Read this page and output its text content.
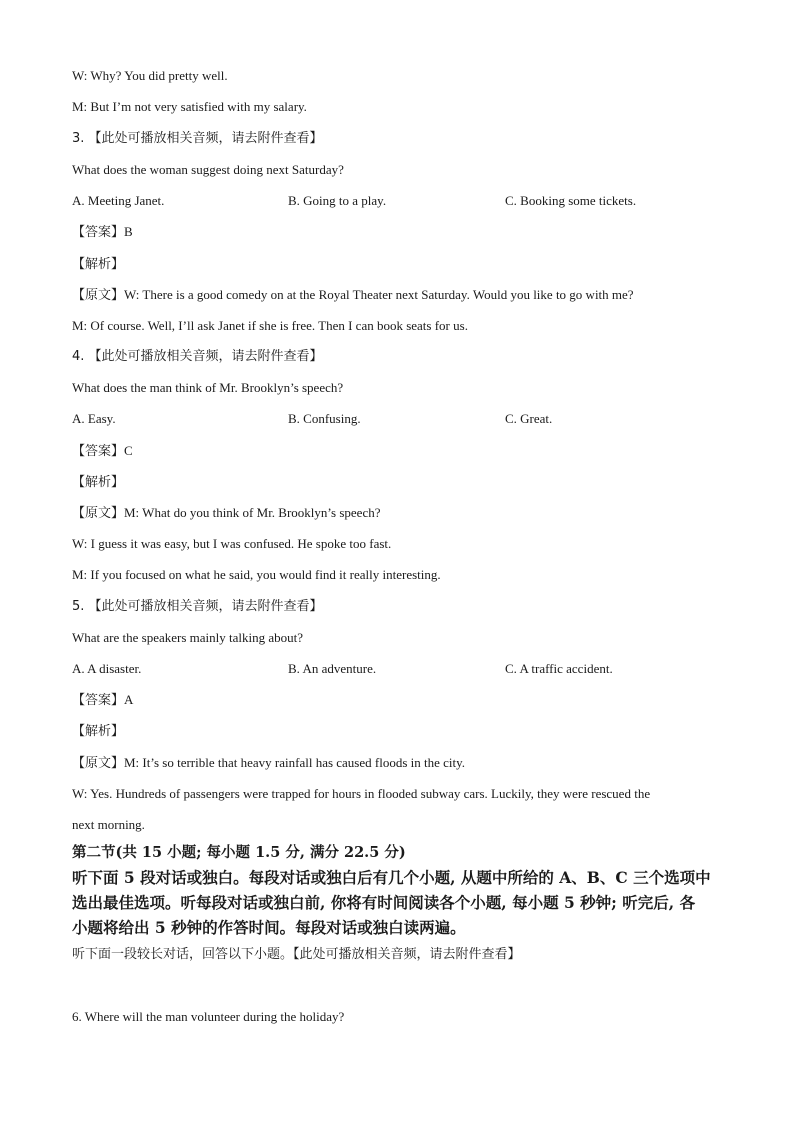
W: Why? You did pretty well.
M: But I’m not very satisfied with my salary.
3. 【此处可播放相关音频，请去附件查看】
What does the woman suggest doing next Saturday?
A. Meeting Janet.	B. Going to a play.	C. Booking some tickets.
【答案】B
【解析】
【原文】W: There is a good comedy on at the Royal Theater next Saturday. Would you like to go with me?
M: Of course. Well, I’ll ask Janet if she is free. Then I can book seats for us.
4. 【此处可播放相关音频，请去附件查看】
What does the man think of Mr. Brooklyn’s speech?
A. Easy.	B. Confusing.	C. Great.
【答案】C
【解析】
【原文】M: What do you think of Mr. Brooklyn’s speech?
W: I guess it was easy, but I was confused. He spoke too fast.
M: If you focused on what he said, you would find it really interesting.
5. 【此处可播放相关音频，请去附件查看】
What are the speakers mainly talking about?
A. A disaster.	B. An adventure.	C. A traffic accident.
【答案】A
【解析】
【原文】M: It’s so terrible that heavy rainfall has caused floods in the city.
W: Yes. Hundreds of passengers were trapped for hours in flooded subway cars. Luckily, they were rescued the
next morning.
第二节(共 15 小题; 每小题 1.5 分, 满分 22.5 分)
听下面 5 段对话或独白。每段对话或独白后有几个小题, 从题中所给的 A、B、C 三个选项中
选出最佳选项。听每段对话或独白前, 你将有时间阅读各个小题, 每小题 5 秒钟; 听完后, 各
小题将给出 5 秒钟的作答时间。每段对话或独白读两遍。
听下面一段较长对话，回答以下小题。【此处可播放相关音频，请去附件查看】
6. Where will the man volunteer during the holiday?
